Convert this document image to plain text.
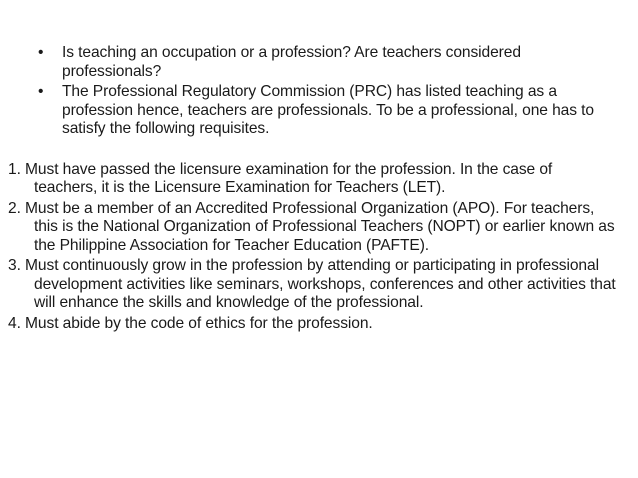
• Is teaching an occupation or a profession? Are teachers considered professionals?
• The Professional Regulatory Commission (PRC) has listed teaching as a profession hence, teachers are professionals. To be a professional, one has to satisfy the following requisites.
1. Must have passed the licensure examination for the profession. In the case of teachers, it is the Licensure Examination for Teachers (LET).
2. Must be a member of an Accredited Professional Organization (APO). For teachers, this is the National Organization of Professional Teachers (NOPT) or earlier known as the Philippine Association for Teacher Education (PAFTE).
3. Must continuously grow in the profession by attending or participating in professional development activities like seminars, workshops, conferences and other activities that will enhance the skills and knowledge of the professional.
4. Must abide by the code of ethics for the profession.
